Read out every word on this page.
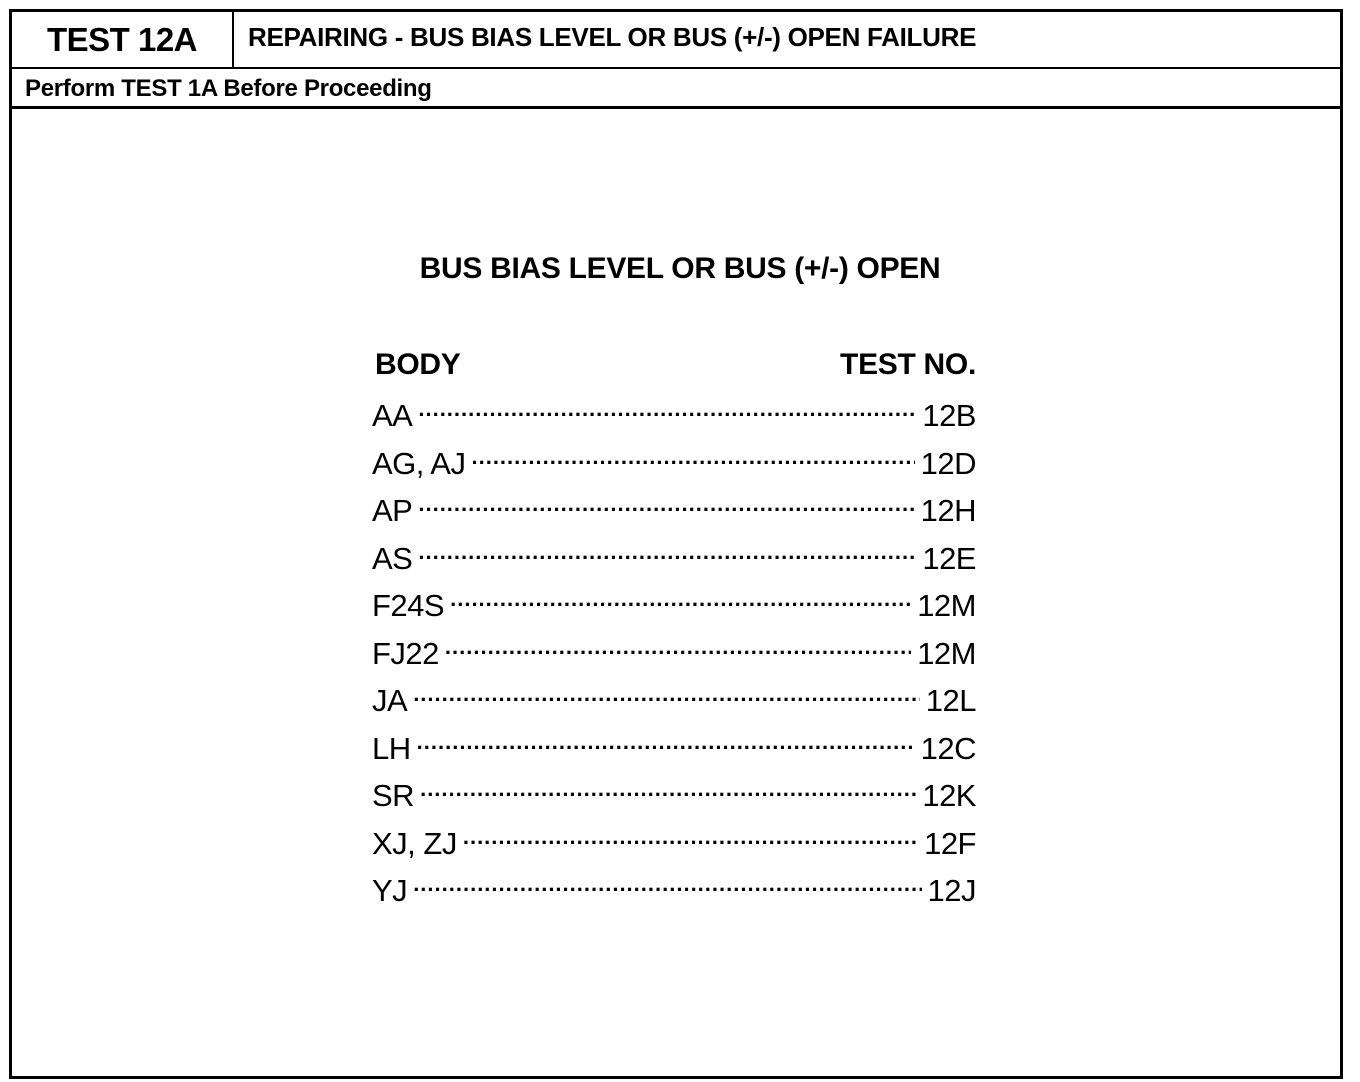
TEST 12A	REPAIRING - BUS BIAS LEVEL OR BUS (+/-) OPEN FAILURE
Perform TEST 1A Before Proceeding
BUS BIAS LEVEL OR BUS (+/-) OPEN
BODY	TEST NO.
AA .....	12B
AG, AJ .....	12D
AP .....	12H
AS .....	12E
F24S .....	12M
FJ22 .....	12M
JA .....	12L
LH .....	12C
SR .....	12K
XJ, ZJ .....	12F
YJ .....	12J
